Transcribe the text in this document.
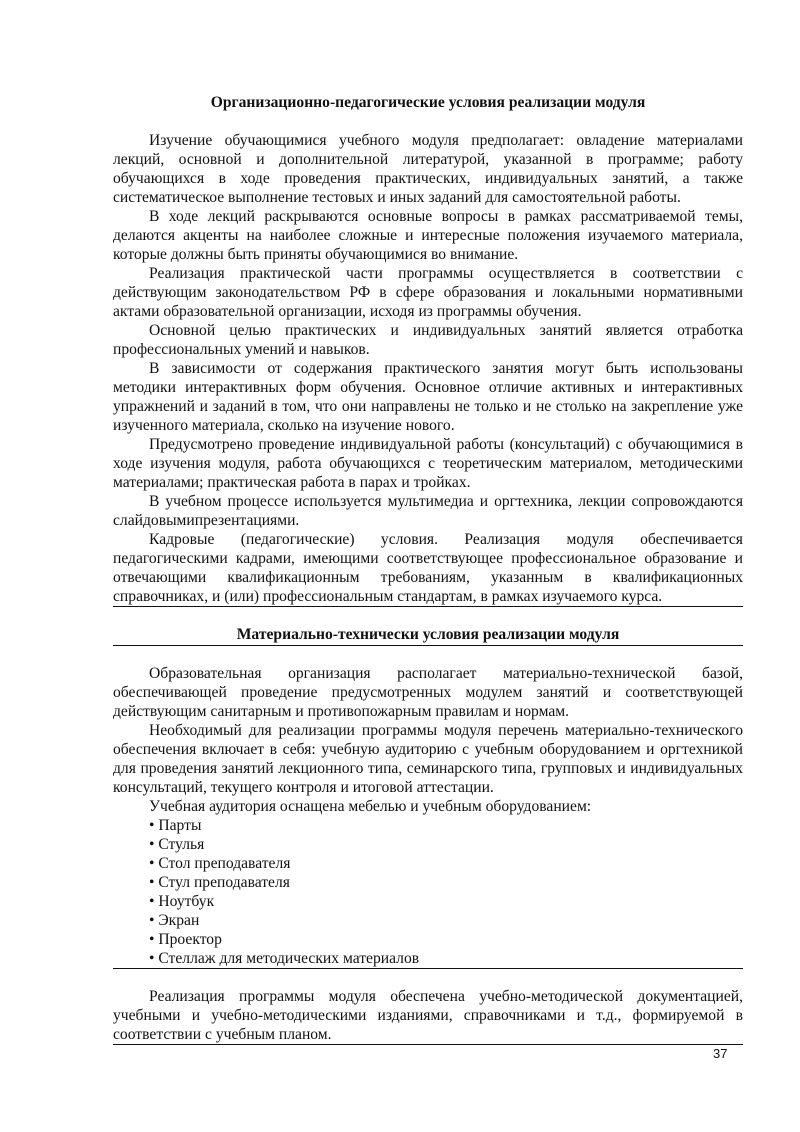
Организационно-педагогические условия реализации модуля

Изучение обучающимися учебного модуля предполагает: овладение материалами лекций, основной и дополнительной литературой, указанной в программе; работу обучающихся в ходе проведения практических, индивидуальных занятий, а также систематическое выполнение тестовых и иных заданий для самостоятельной работы.

В ходе лекций раскрываются основные вопросы в рамках рассматриваемой темы, делаются акценты на наиболее сложные и интересные положения изучаемого материала, которые должны быть приняты обучающимися во внимание.

Реализация практической части программы осуществляется в соответствии с действующим законодательством РФ в сфере образования и локальными нормативными актами образовательной организации, исходя из программы обучения.

Основной целью практических и индивидуальных занятий является отработка профессиональных умений и навыков.

В зависимости от содержания практического занятия могут быть использованы методики интерактивных форм обучения. Основное отличие активных и интерактивных упражнений и заданий в том, что они направлены не только и не столько на закрепление уже изученного материала, сколько на изучение нового.

Предусмотрено проведение индивидуальной работы (консультаций) с обучающимися в ходе изучения модуля, работа обучающихся с теоретическим материалом, методическими материалами; практическая работа в парах и тройках.

В учебном процессе используется мультимедиа и оргтехника, лекции сопровождаются слайдовымипрезентациями.

Кадровые (педагогические) условия. Реализация модуля обеспечивается педагогическими кадрами, имеющими соответствующее профессиональное образование и отвечающими квалификационным требованиям, указанным в квалификационных справочниках, и (или) профессиональным стандартам, в рамках изучаемого курса.

Материально-технически условия реализации модуля

Образовательная организация располагает материально-технической базой, обеспечивающей проведение предусмотренных модулем занятий и соответствующей действующим санитарным и противопожарным правилам и нормам.

Необходимый для реализации программы модуля перечень материально-технического обеспечения включает в себя: учебную аудиторию с учебным оборудованием и оргтехникой для проведения занятий лекционного типа, семинарского типа, групповых и индивидуальных консультаций, текущего контроля и итоговой аттестации.

Учебная аудитория оснащена мебелью и учебным оборудованием:

• Парты
• Стулья
• Стол преподавателя
• Стул преподавателя
• Ноутбук
• Экран
• Проектор
• Стеллаж для методических материалов

Реализация программы модуля обеспечена учебно-методической документацией, учебными и учебно-методическими изданиями, справочниками и т.д., формируемой в соответствии с учебным планом.

37
